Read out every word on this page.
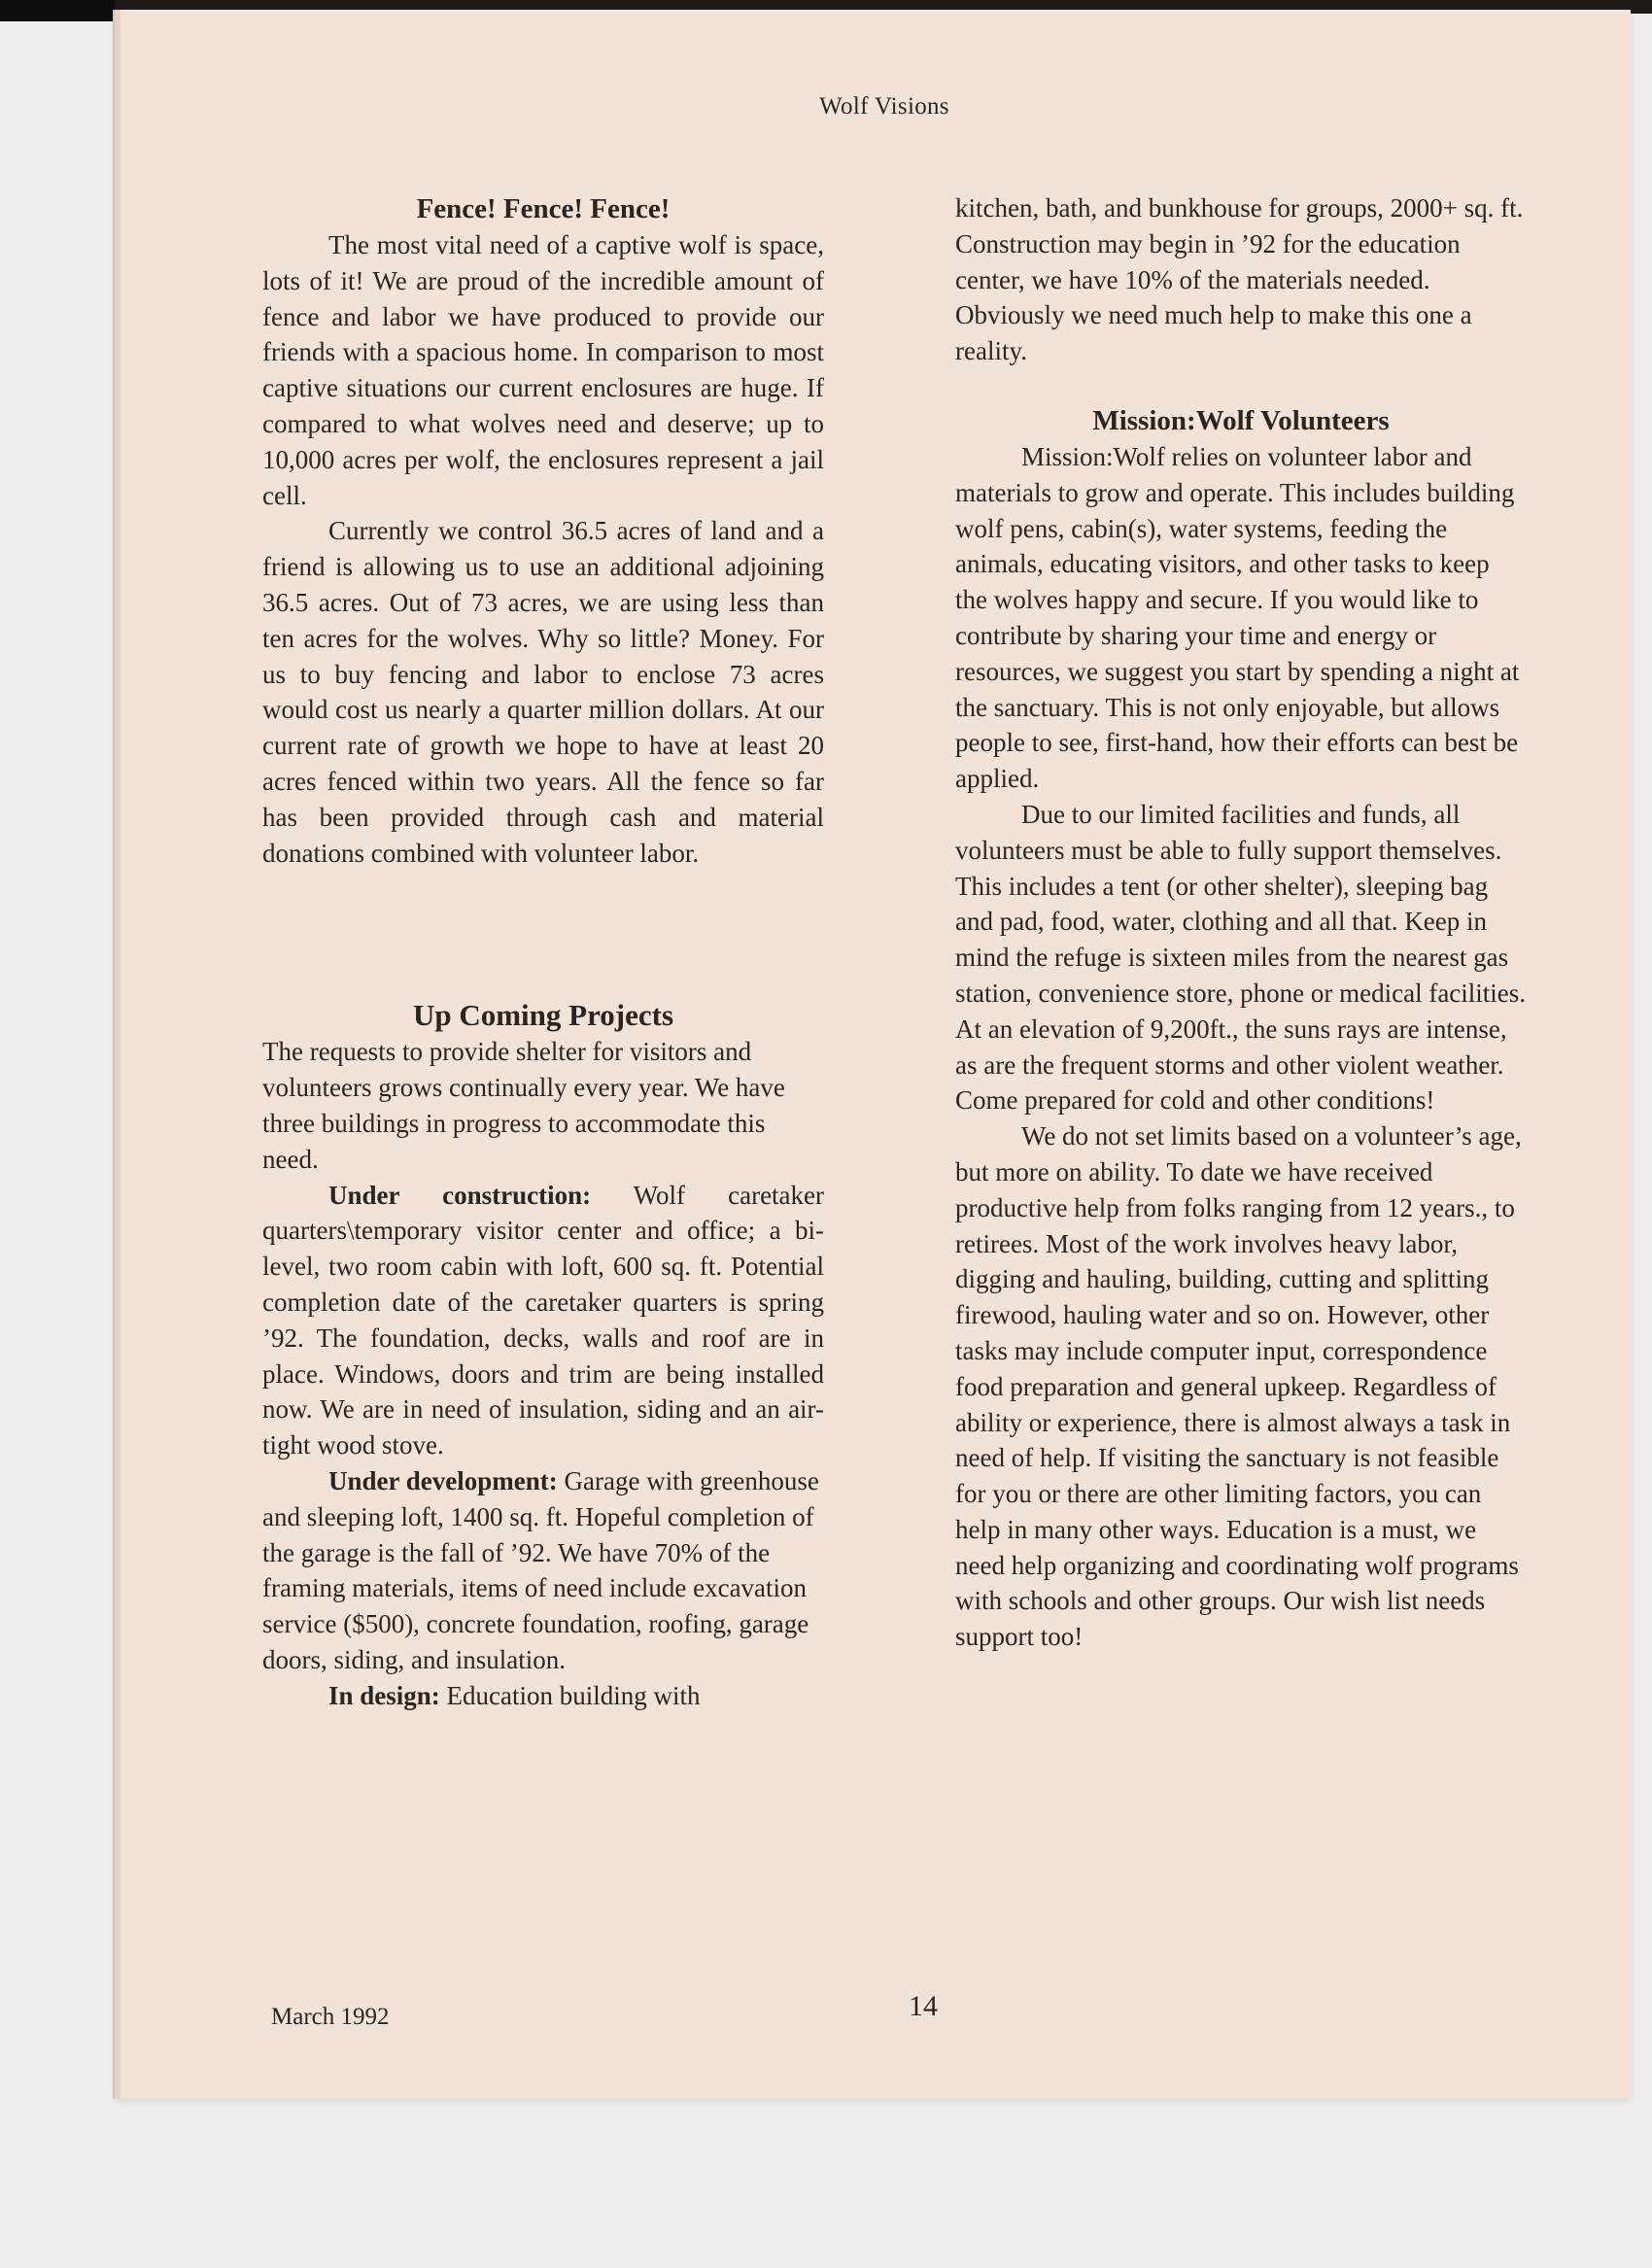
Wolf Visions
Fence! Fence! Fence!

The most vital need of a captive wolf is space, lots of it! We are proud of the incredible amount of fence and labor we have produced to provide our friends with a spacious home. In comparison to most captive situations our current enclosures are huge. If compared to what wolves need and deserve; up to 10,000 acres per wolf, the enclosures represent a jail cell.

Currently we control 36.5 acres of land and a friend is allowing us to use an additional adjoining 36.5 acres. Out of 73 acres, we are using less than ten acres for the wolves. Why so little? Money. For us to buy fencing and labor to enclose 73 acres would cost us nearly a quarter million dollars. At our current rate of growth we hope to have at least 20 acres fenced within two years. All the fence so far has been provided through cash and material donations combined with volunteer labor.

Up Coming Projects

The requests to provide shelter for visitors and volunteers grows continually every year. We have three buildings in progress to accommodate this need.

Under construction: Wolf caretaker quarters\temporary visitor center and office; a bi-level, two room cabin with loft, 600 sq. ft. Potential completion date of the caretaker quarters is spring ’92. The foundation, decks, walls and roof are in place. Windows, doors and trim are being installed now. We are in need of insulation, siding and an air-tight wood stove.

Under development: Garage with greenhouse and sleeping loft, 1400 sq. ft. Hopeful completion of the garage is the fall of ’92. We have 70% of the framing materials, items of need include excavation service ($500), concrete foundation, roofing, garage doors, siding, and insulation.

In design: Education building with

kitchen, bath, and bunkhouse for groups, 2000+ sq. ft. Construction may begin in ’92 for the education center, we have 10% of the materials needed. Obviously we need much help to make this one a reality.

Mission:Wolf Volunteers

Mission:Wolf relies on volunteer labor and materials to grow and operate. This includes building wolf pens, cabin(s), water systems, feeding the animals, educating visitors, and other tasks to keep the wolves happy and secure. If you would like to contribute by sharing your time and energy or resources, we suggest you start by spending a night at the sanctuary. This is not only enjoyable, but allows people to see, first-hand, how their efforts can best be applied.

Due to our limited facilities and funds, all volunteers must be able to fully support themselves. This includes a tent (or other shelter), sleeping bag and pad, food, water, clothing and all that. Keep in mind the refuge is sixteen miles from the nearest gas station, convenience store, phone or medical facilities. At an elevation of 9,200ft., the suns rays are intense, as are the frequent storms and other violent weather. Come prepared for cold and other conditions!

We do not set limits based on a volunteer’s age, but more on ability. To date we have received productive help from folks ranging from 12 years., to retirees. Most of the work involves heavy labor, digging and hauling, building, cutting and splitting firewood, hauling water and so on. However, other tasks may include computer input, correspondence food preparation and general upkeep. Regardless of ability or experience, there is almost always a task in need of help. If visiting the sanctuary is not feasible for you or there are other limiting factors, you can help in many other ways. Education is a must, we need help organizing and coordinating wolf programs with schools and other groups. Our wish list needs support too!

March 1992	14
